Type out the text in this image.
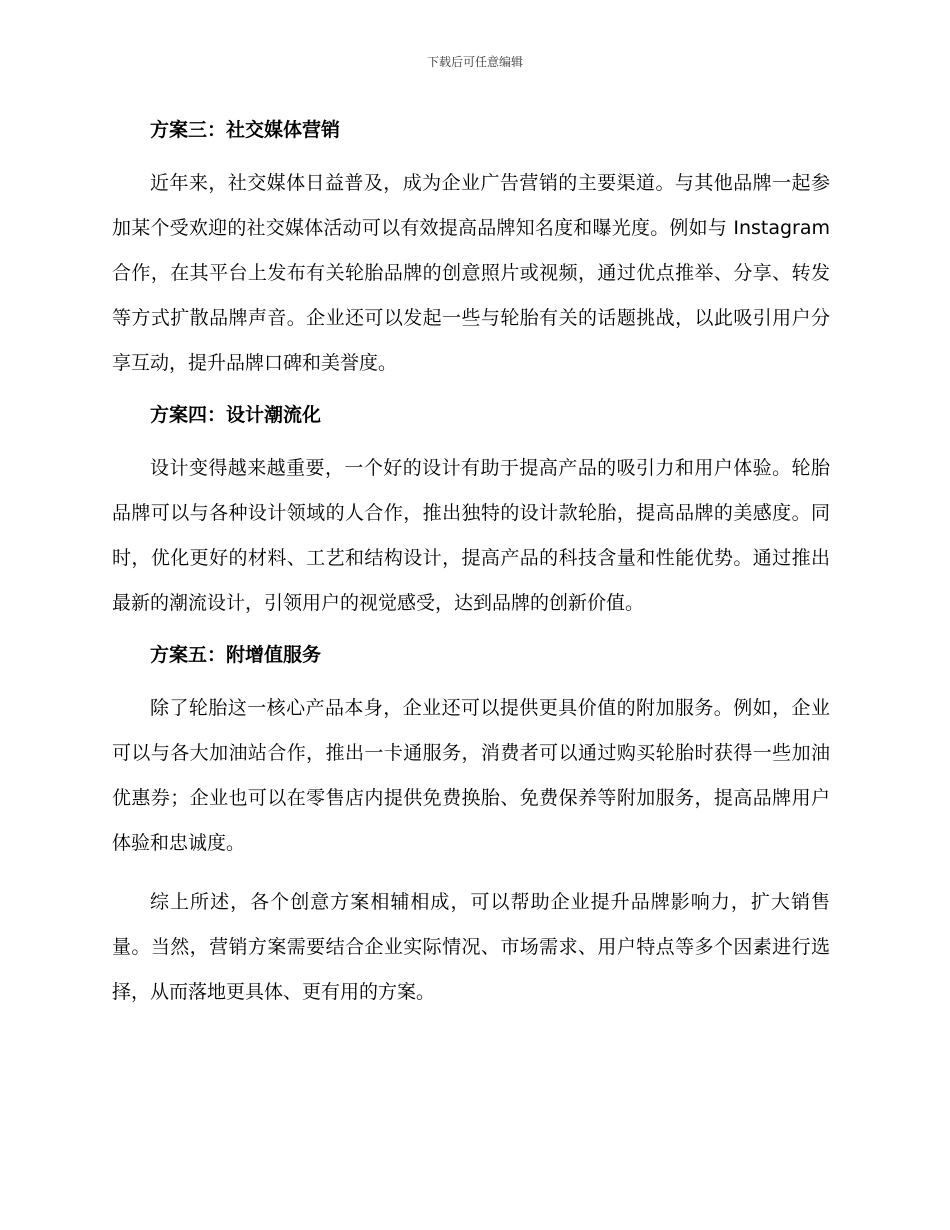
下载后可任意编辑
方案三：社交媒体营销

近年来，社交媒体日益普及，成为企业广告营销的主要渠道。与其他品牌一起参加某个受欢迎的社交媒体活动可以有效提高品牌知名度和曝光度。例如与 Instagram 合作，在其平台上发布有关轮胎品牌的创意照片或视频，通过优点推举、分享、转发等方式扩散品牌声音。企业还可以发起一些与轮胎有关的话题挑战，以此吸引用户分享互动，提升品牌口碑和美誉度。

方案四：设计潮流化

设计变得越来越重要，一个好的设计有助于提高产品的吸引力和用户体验。轮胎品牌可以与各种设计领域的人合作，推出独特的设计款轮胎，提高品牌的美感度。同时，优化更好的材料、工艺和结构设计，提高产品的科技含量和性能优势。通过推出最新的潮流设计，引领用户的视觉感受，达到品牌的创新价值。

方案五：附增值服务

除了轮胎这一核心产品本身，企业还可以提供更具价值的附加服务。例如，企业可以与各大加油站合作，推出一卡通服务，消费者可以通过购买轮胎时获得一些加油优惠券；企业也可以在零售店内提供免费换胎、免费保养等附加服务，提高品牌用户体验和忠诚度。

综上所述，各个创意方案相辅相成，可以帮助企业提升品牌影响力，扩大销售量。当然，营销方案需要结合企业实际情况、市场需求、用户特点等多个因素进行选择，从而落地更具体、更有用的方案。
